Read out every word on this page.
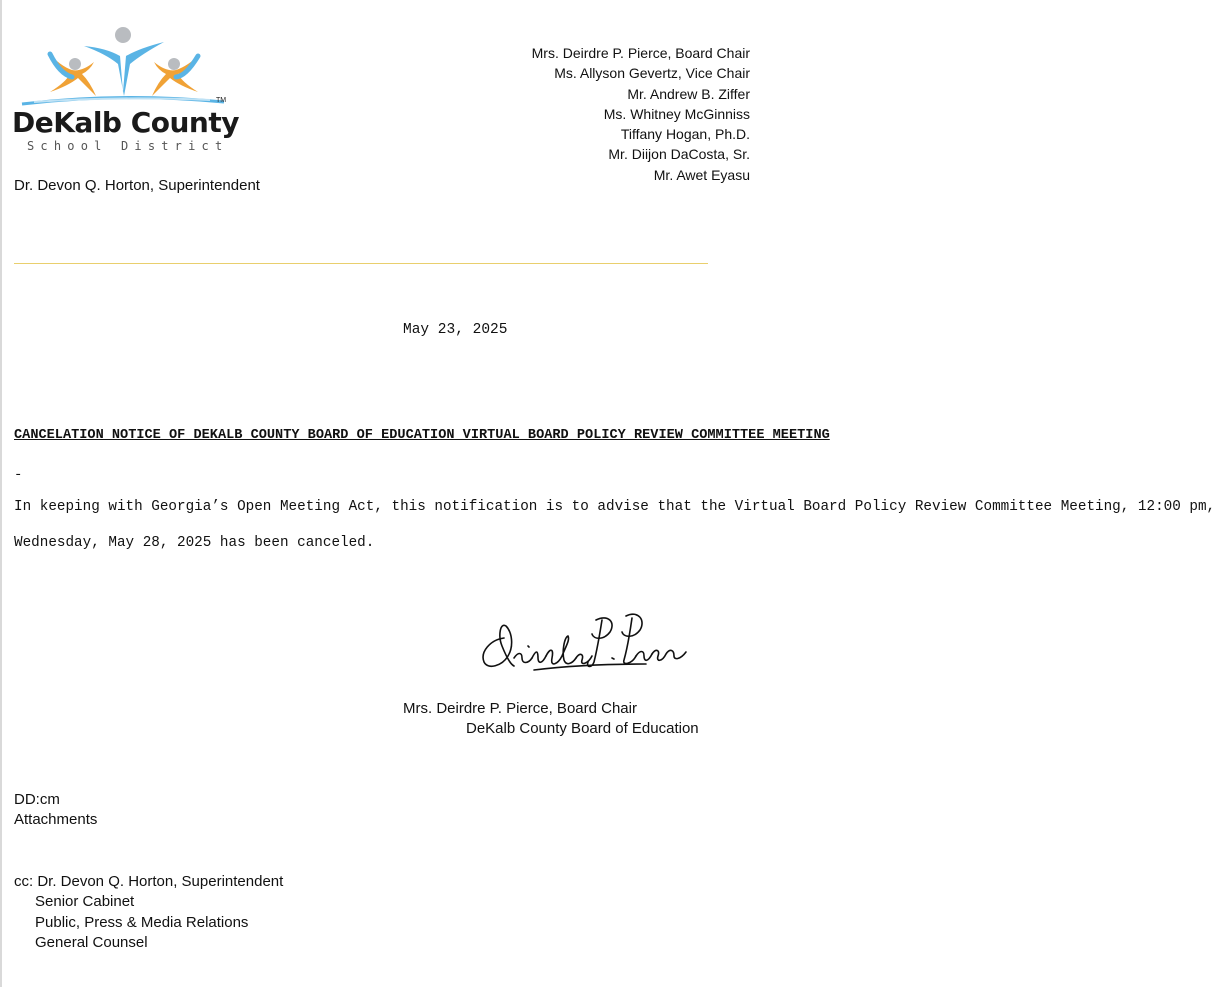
DeKalb County
TM
School District
Dr. Devon Q. Horton, Superintendent
Mrs. Deirdre P. Pierce, Board Chair
Ms. Allyson Gevertz, Vice Chair
Mr. Andrew B. Ziffer
Ms. Whitney McGinniss
Tiffany Hogan, Ph.D.
Mr. Diijon DaCosta, Sr.
Mr. Awet Eyasu
May 23, 2025
CANCELATION NOTICE OF DEKALB COUNTY BOARD OF EDUCATION VIRTUAL BOARD POLICY REVIEW COMMITTEE MEETING
-
In keeping with Georgia’s Open Meeting Act, this notification is to advise that the Virtual Board Policy Review Committee Meeting, 12:00 pm,
Wednesday, May 28, 2025 has been canceled.
Mrs. Deirdre P. Pierce, Board Chair
DeKalb County Board of Education
DD:cm
Attachments
cc: Dr. Devon Q. Horton, Superintendent
Senior Cabinet
Public, Press & Media Relations
General Counsel
